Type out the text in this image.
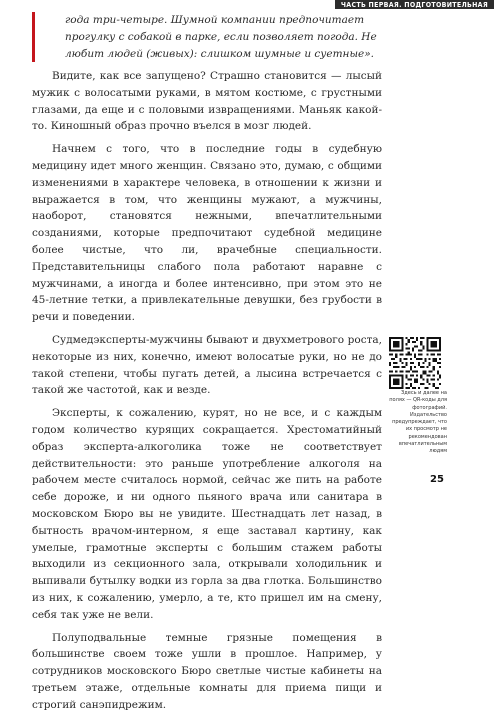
ЧАСТЬ ПЕРВАЯ. ПОДГОТОВИТЕЛЬНАЯ

года три-четыре. Шумной компании предпочитает прогулку с собакой в парке, если позволяет погода. Не любит людей (живых): слишком шумные и суетные».

Видите, как все запущено? Страшно становится — лысый мужик с волосатыми руками, в мятом костюме, с грустными глазами, да еще и с половыми извращениями. Маньяк какой-то. Киношный образ прочно въелся в мозг людей.

Начнем с того, что в последние годы в судебную медицину идет много женщин. Связано это, думаю, с общими изменениями в характере человека, в отношении к жизни и выражается в том, что женщины мужают, а мужчины, наоборот, становятся нежными, впечатлительными созданиями, которые предпочитают судебной медицине более чистые, что ли, врачебные специальности. Представительницы слабого пола работают наравне с мужчинами, а иногда и более интенсивно, при этом это не 45-летние тетки, а привлекательные девушки, без грубости в речи и поведении.

Судмедэксперты-мужчины бывают и двухметрового роста, некоторые из них, конечно, имеют волосатые руки, но не до такой степени, чтобы пугать детей, а лысина встречается с такой же частотой, как и везде.

Эксперты, к сожалению, курят, но не все, и с каждым годом количество курящих сокращается. Хрестоматийный образ эксперта-алкоголика тоже не соответствует действительности: это раньше употребление алкоголя на рабочем месте считалось нормой, сейчас же пить на работе себе дороже, и ни одного пьяного врача или санитара в московском Бюро вы не увидите. Шестнадцать лет назад, в бытность врачом-интерном, я еще заставал картину, как умелые, грамотные эксперты с большим стажем работы выходили из секционного зала, открывали холодильник и выпивали бутылку водки из горла за два глотка. Большинство из них, к сожалению, умерло, а те, кто пришел им на смену, себя так уже не вели.

Полуподвальные темные грязные помещения в большинстве своем тоже ушли в прошлое. Например, у сотрудников московского Бюро светлые чистые кабинеты на третьем этаже, отдельные комнаты для приема пищи и строгий санэпидрежим.

Здесь и далее на полях — QR-коды для фотографий. Издательство предупреждает, что их просмотр не рекомендован впечатлительным людям

25
